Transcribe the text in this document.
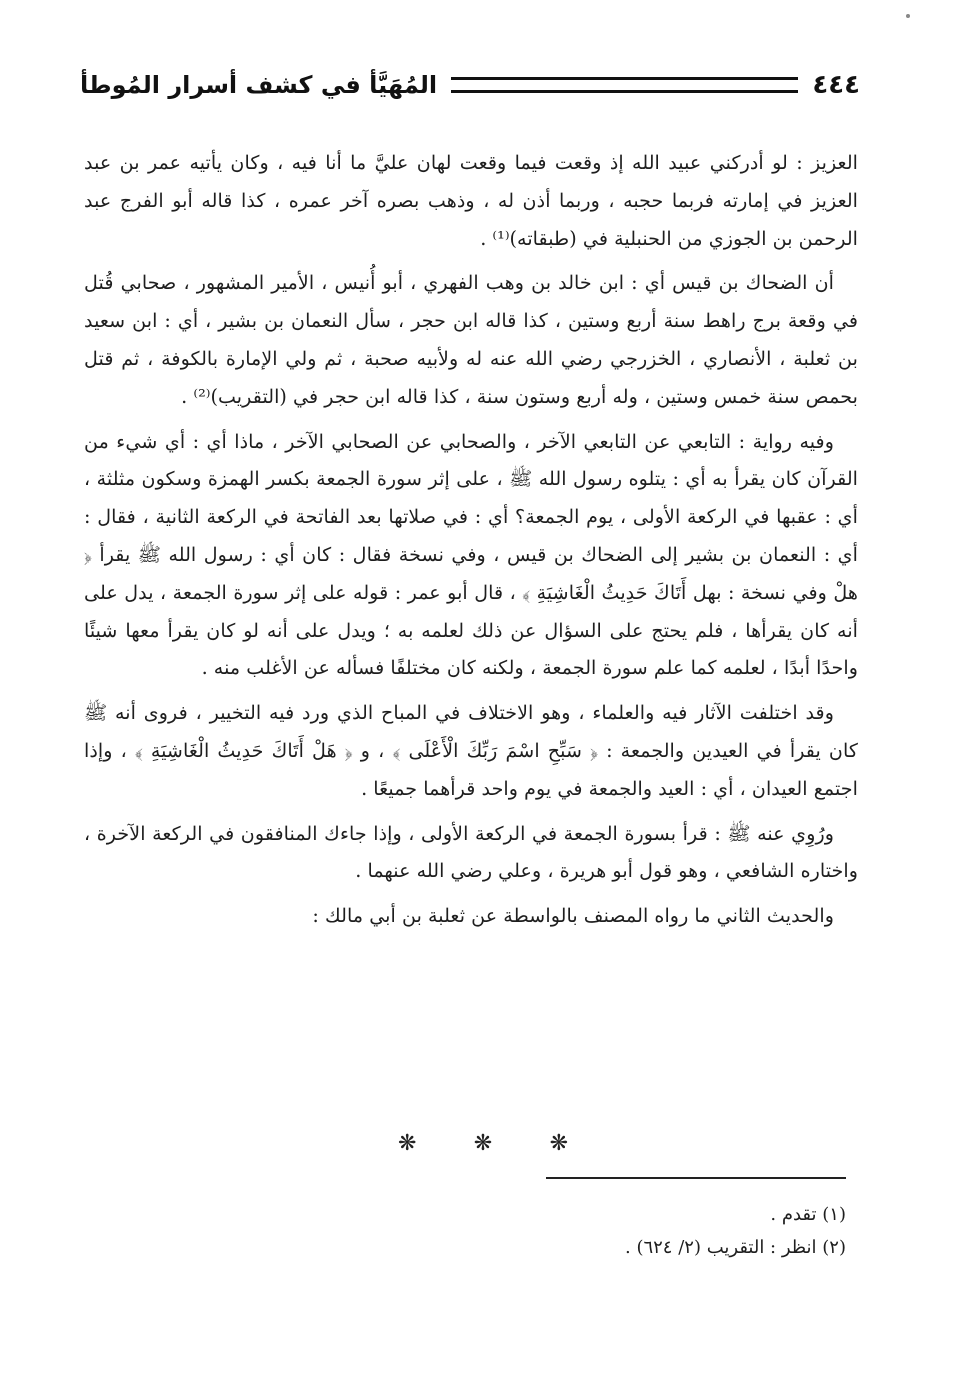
المُهَيَّأ في كشف أسرار المُوطأ	٤٤٤

العزيز : لو أدركني عبيد الله إذ وقعت فيما وقعت لهان عليَّ ما أنا فيه ، وكان يأتيه عمر بن عبد العزيز في إمارته فربما حجبه ، وربما أذن له ، وذهب بصره آخر عمره ، كذا قاله أبو الفرج عبد الرحمن بن الجوزي من الحنبلية في (طبقاته)⁽¹⁾ .

أن الضحاك بن قيس أي : ابن خالد بن وهب الفهري ، أبو أُنيس ، الأمير المشهور ، صحابي قُتل في وقعة برج راهط سنة أربع وستين ، كذا قاله ابن حجر ، سأل النعمان بن بشير ، أي : ابن سعيد بن ثعلبة ، الأنصاري ، الخزرجي رضي الله عنه له ولأبيه صحبة ، ثم ولي الإمارة بالكوفة ، ثم قتل بحمص سنة خمس وستين ، وله أربع وستون سنة ، كذا قاله ابن حجر في (التقريب)⁽²⁾ .

وفيه رواية : التابعي عن التابعي الآخر ، والصحابي عن الصحابي الآخر ، ماذا أي : أي شيء من القرآن كان يقرأ به أي : يتلوه رسول الله ﷺ ، على إثر سورة الجمعة بكسر الهمزة وسكون مثلثة ، أي : عقبها في الركعة الأولى ، يوم الجمعة؟ أي : في صلاتها بعد الفاتحة في الركعة الثانية ، فقال : أي : النعمان بن بشير إلى الضحاك بن قيس ، وفي نسخة فقال : كان أي : رسول الله ﷺ يقرأ ﴿ هلْ وفي نسخة : بهل أَتَاكَ حَدِيثُ الْغَاشِيَةِ ﴾ ، قال أبو عمر : قوله على إثر سورة الجمعة ، يدل على أنه كان يقرأها ، فلم يحتج على السؤال عن ذلك لعلمه به ؛ ويدل على أنه لو كان يقرأ معها شيئًا واحدًا أبدًا ، لعلمه كما علم سورة الجمعة ، ولكنه كان مختلفًا فسأله عن الأغلب منه .

وقد اختلفت الآثار فيه والعلماء ، وهو الاختلاف في المباح الذي ورد فيه التخيير ، فروى أنه ﷺ كان يقرأ في العيدين والجمعة : ﴿ سَبِّحِ اسْمَ رَبِّكَ الْأَعْلَى ﴾ ، و ﴿ هَلْ أَتَاكَ حَدِيثُ الْغَاشِيَةِ ﴾ ، وإذا اجتمع العيدان ، أي : العيد والجمعة في يوم واحد قرأهما جميعًا .

ورُوِي عنه ﷺ : قرأ بسورة الجمعة في الركعة الأولى ، وإذا جاءك المنافقون في الركعة الآخرة ، واختاره الشافعي ، وهو قول أبو هريرة ، وعلي رضي الله عنهما .

والحديث الثاني ما رواه المصنف بالواسطة عن ثعلبة بن أبي مالك :

❋	❋	❋
(١) تقدم .
(٢) انظر : التقريب (٢/ ٦٢٤) .
